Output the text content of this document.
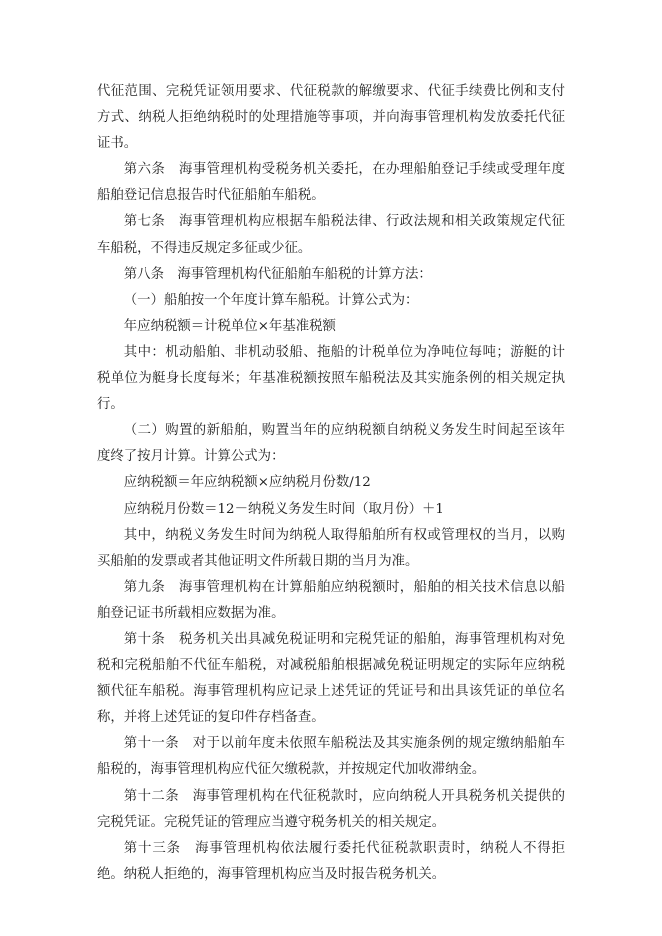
代征范围、完税凭证领用要求、代征税款的解缴要求、代征手续费比例和支付方式、纳税人拒绝纳税时的处理措施等事项，并向海事管理机构发放委托代征证书。

第六条　海事管理机构受税务机关委托，在办理船舶登记手续或受理年度船舶登记信息报告时代征船舶车船税。

第七条　海事管理机构应根据车船税法律、行政法规和相关政策规定代征车船税，不得违反规定多征或少征。

第八条　海事管理机构代征船舶车船税的计算方法：

（一）船舶按一个年度计算车船税。计算公式为：

年应纳税额＝计税单位×年基准税额

其中：机动船舶、非机动驳船、拖船的计税单位为净吨位每吨；游艇的计税单位为艇身长度每米；年基准税额按照车船税法及其实施条例的相关规定执行。

（二）购置的新船舶，购置当年的应纳税额自纳税义务发生时间起至该年度终了按月计算。计算公式为：

应纳税额＝年应纳税额×应纳税月份数/12

应纳税月份数＝12－纳税义务发生时间（取月份）＋1

其中，纳税义务发生时间为纳税人取得船舶所有权或管理权的当月，以购买船舶的发票或者其他证明文件所载日期的当月为准。

第九条　海事管理机构在计算船舶应纳税额时，船舶的相关技术信息以船舶登记证书所载相应数据为准。

第十条　税务机关出具减免税证明和完税凭证的船舶，海事管理机构对免税和完税船舶不代征车船税，对减税船舶根据减免税证明规定的实际年应纳税额代征车船税。海事管理机构应记录上述凭证的凭证号和出具该凭证的单位名称，并将上述凭证的复印件存档备查。

第十一条　对于以前年度未依照车船税法及其实施条例的规定缴纳船舶车船税的，海事管理机构应代征欠缴税款，并按规定代加收滞纳金。

第十二条　海事管理机构在代征税款时，应向纳税人开具税务机关提供的完税凭证。完税凭证的管理应当遵守税务机关的相关规定。

第十三条　海事管理机构依法履行委托代征税款职责时，纳税人不得拒绝。纳税人拒绝的，海事管理机构应当及时报告税务机关。
